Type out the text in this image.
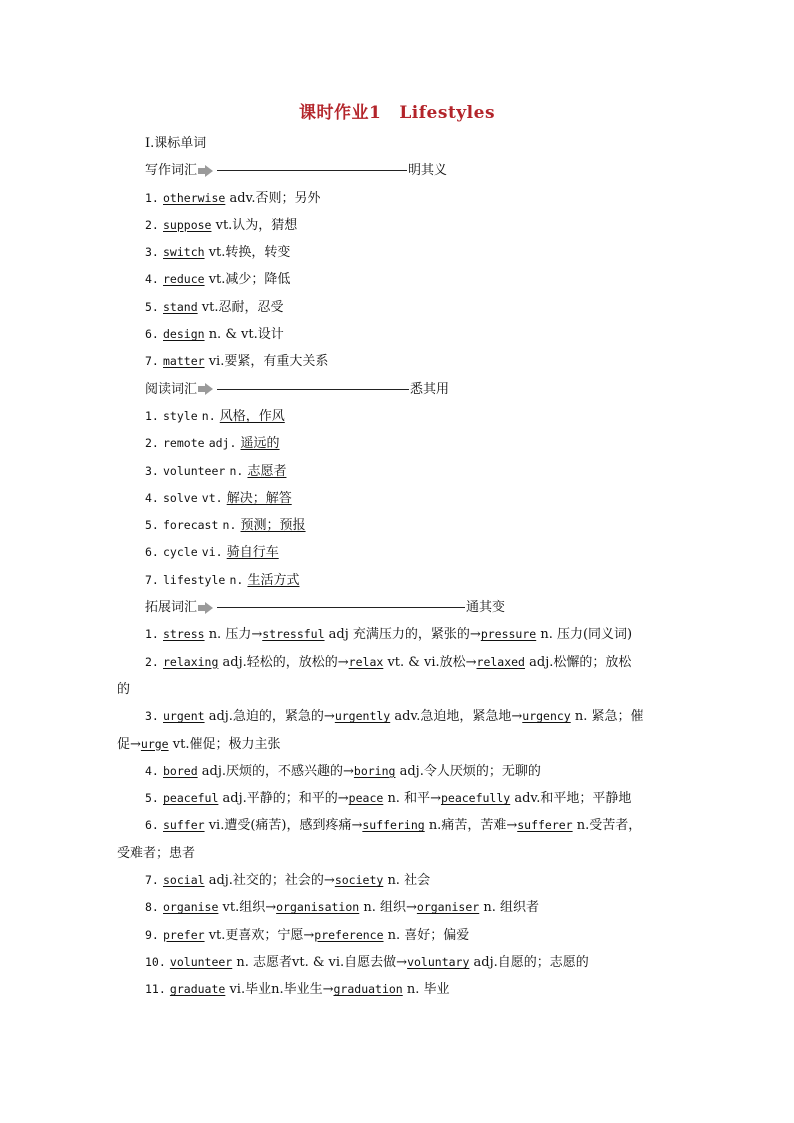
课时作业1 Lifestyles
Ⅰ.课标单词
写作词汇	明其义
1. otherwise adv.否则；另外
2. suppose vt.认为，猜想
3. switch vt.转换，转变
4. reduce vt.减少；降低
5. stand vt.忍耐，忍受
6. design n. & vt.设计
7. matter vi.要紧，有重大关系
阅读词汇	悉其用
1. style n. 风格，作风
2. remote adj. 遥远的
3. volunteer n. 志愿者
4. solve vt. 解决；解答
5. forecast n. 预测；预报
6. cycle vi. 骑自行车
7. lifestyle n. 生活方式
拓展词汇	通其变
1. stress n. 压力→stressful adj 充满压力的，紧张的→pressure n. 压力(同义词)
2. relaxing adj.轻松的，放松的→relax vt. & vi.放松→relaxed adj.松懈的；放松
的
3. urgent adj.急迫的，紧急的→urgently adv.急迫地，紧急地→urgency n. 紧急；催
促→urge vt.催促；极力主张
4. bored adj.厌烦的，不感兴趣的→boring adj.令人厌烦的；无聊的
5. peaceful adj.平静的；和平的→peace n. 和平→peacefully adv.和平地；平静地
6. suffer vi.遭受(痛苦)，感到疼痛→suffering n.痛苦，苦难→sufferer n.受苦者，
受难者；患者
7. social adj.社交的；社会的→society n. 社会
8. organise vt.组织→organisation n. 组织→organiser n. 组织者
9. prefer vt.更喜欢；宁愿→preference n. 喜好；偏爱
10. volunteer n. 志愿者vt. & vi.自愿去做→voluntary adj.自愿的；志愿的
11. graduate vi.毕业n.毕业生→graduation n. 毕业
